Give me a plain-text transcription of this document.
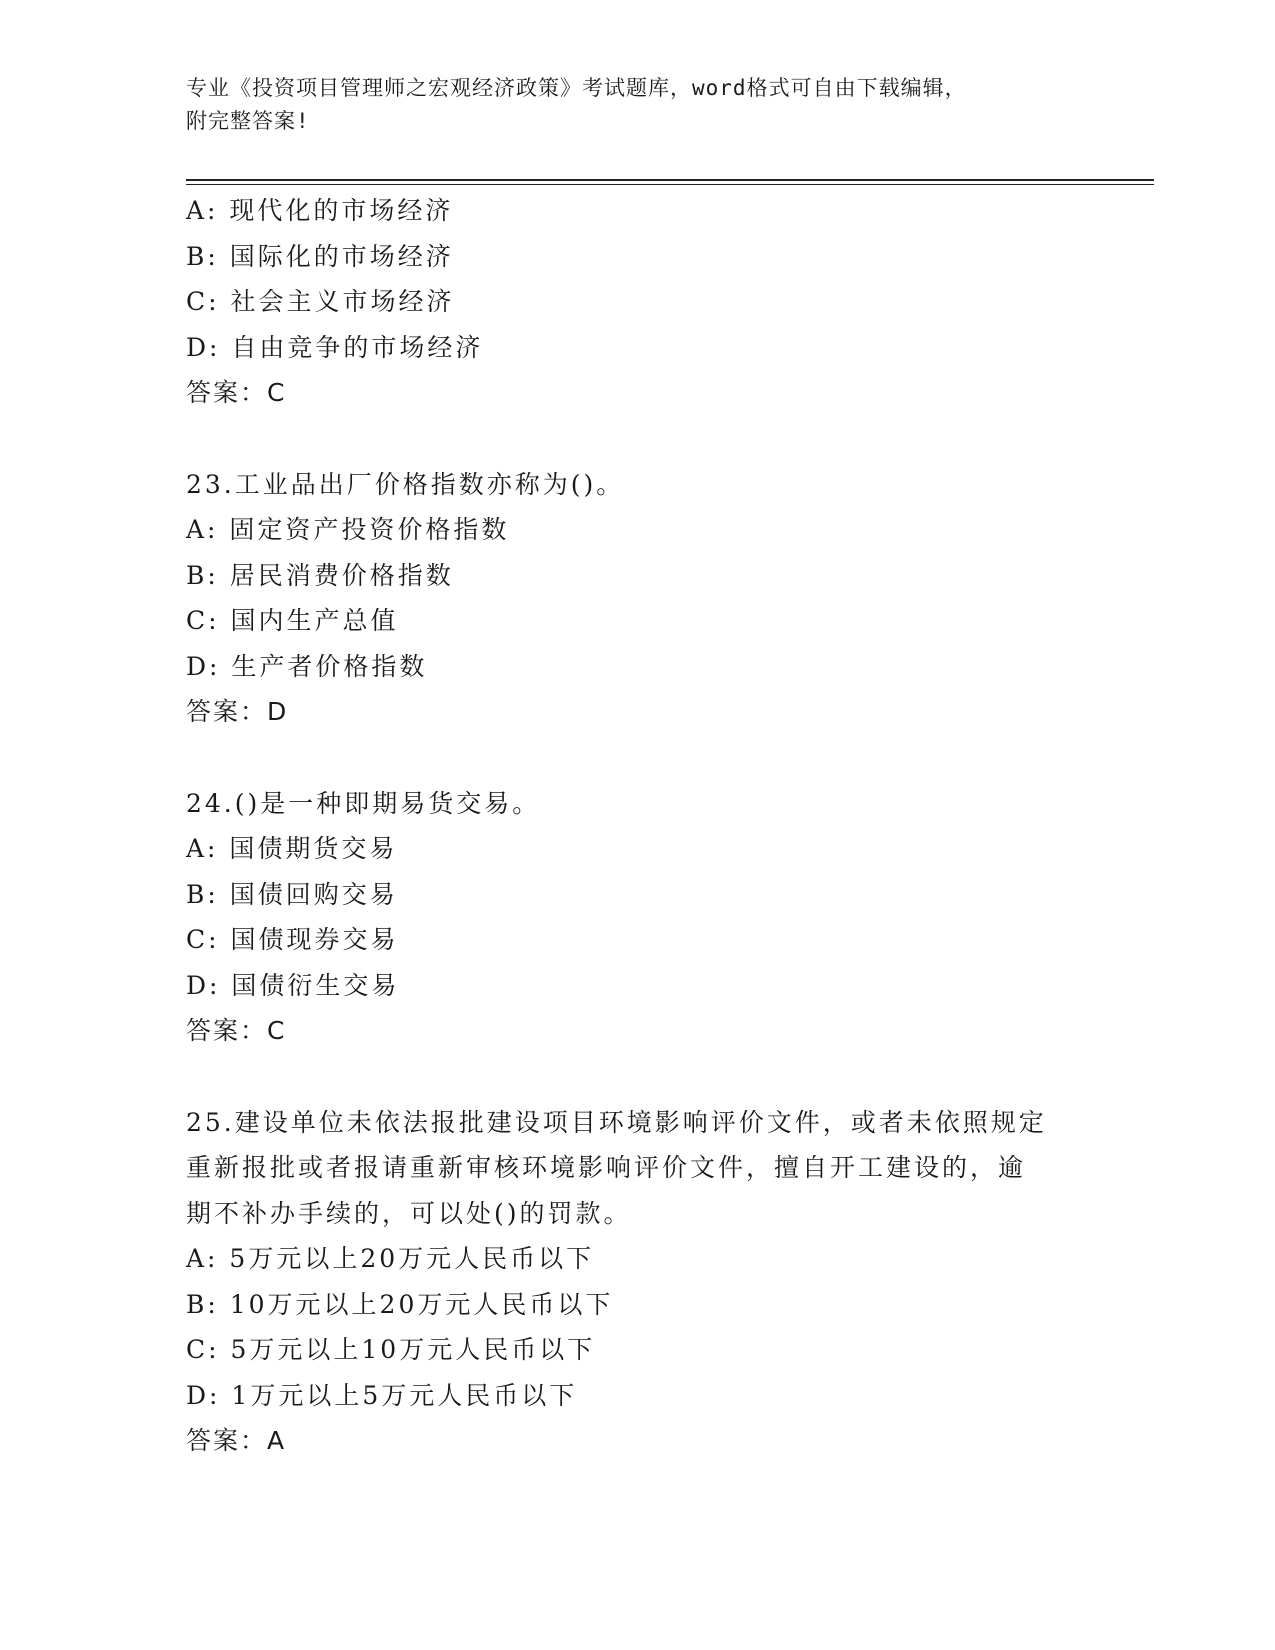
专业《投资项目管理师之宏观经济政策》考试题库，word格式可自由下载编辑，
附完整答案!
A: 现代化的市场经济
B: 国际化的市场经济
C: 社会主义市场经济
D: 自由竞争的市场经济
答案：C
23.工业品出厂价格指数亦称为()。
A: 固定资产投资价格指数
B: 居民消费价格指数
C: 国内生产总值
D: 生产者价格指数
答案：D
24.()是一种即期易货交易。
A: 国债期货交易
B: 国债回购交易
C: 国债现券交易
D: 国债衍生交易
答案：C
25.建设单位未依法报批建设项目环境影响评价文件，或者未依照规定
重新报批或者报请重新审核环境影响评价文件，擅自开工建设的，逾
期不补办手续的，可以处()的罚款。
A: 5万元以上20万元人民币以下
B: 10万元以上20万元人民币以下
C: 5万元以上10万元人民币以下
D: 1万元以上5万元人民币以下
答案：A
